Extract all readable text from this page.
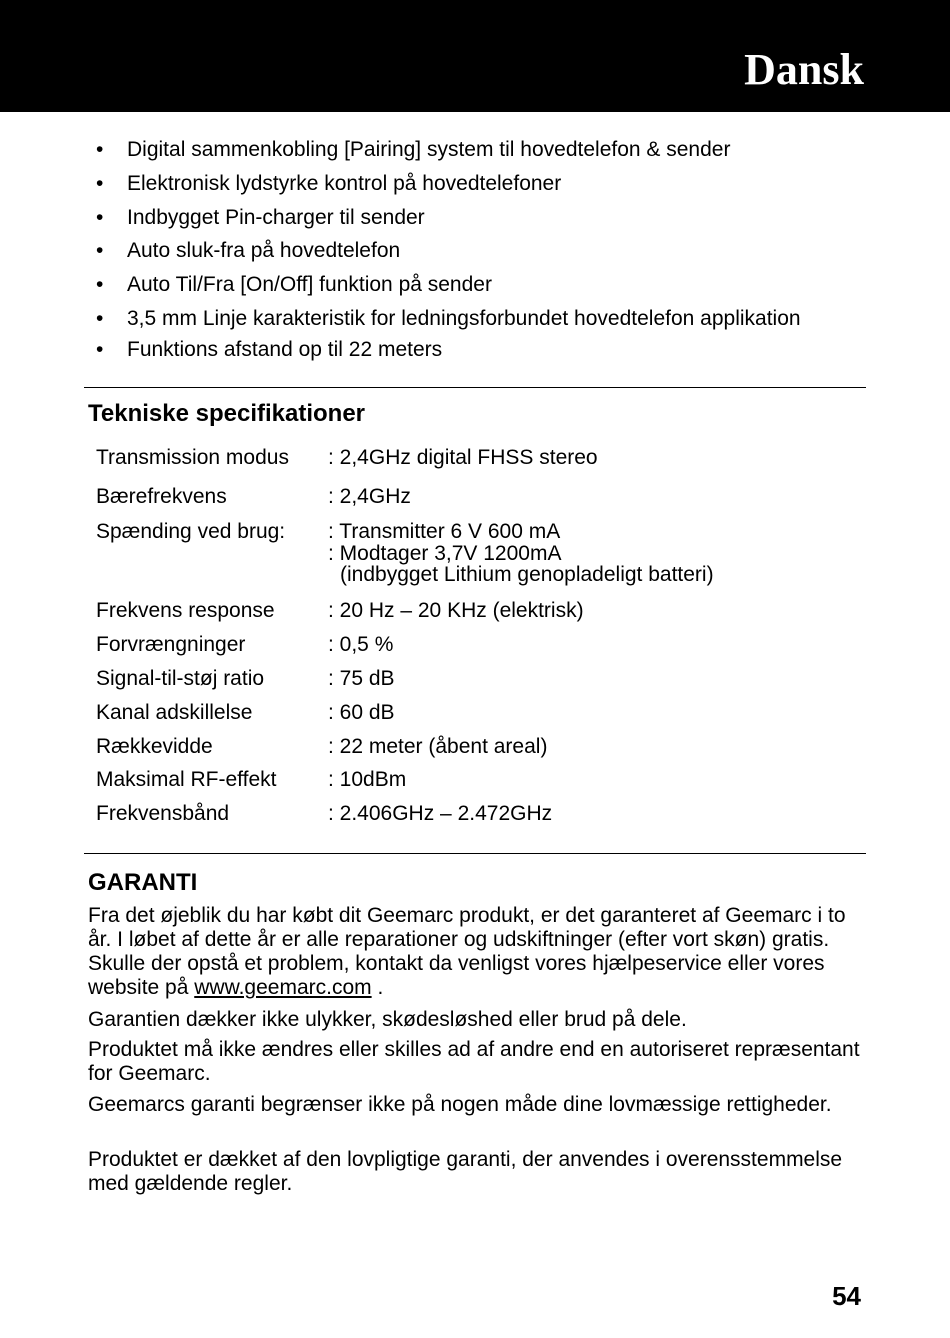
Dansk
• Digital sammenkobling [Pairing] system til hovedtelefon & sender
• Elektronisk lydstyrke kontrol på hovedtelefoner
• Indbygget Pin-charger til sender
• Auto sluk-fra på hovedtelefon
• Auto Til/Fra [On/Off] funktion på sender
• 3,5 mm Linje karakteristik for ledningsforbundet hovedtelefon applikation
• Funktions afstand op til 22 meters
Tekniske specifikationer
Transmission modus : 2,4GHz digital FHSS stereo
Bærefrekvens	: 2,4GHz
Spænding ved brug: : Transmitter 6 V 600 mA
: Modtager 3,7V 1200mA
(indbygget Lithium genopladeligt batteri)
Frekvens response	: 20 Hz – 20 KHz (elektrisk)
Forvrængninger	: 0,5 %
Signal-til-støj ratio	: 75 dB
Kanal adskillelse	: 60 dB
Rækkevidde	: 22 meter (åbent areal)
Maksimal RF-effekt : 10dBm
Frekvensbånd	: 2.406GHz – 2.472GHz
GARANTI

Fra det øjeblik du har købt dit Geemarc produkt, er det garanteret af Geemarc i to år. I løbet af dette år er alle reparationer og udskiftninger (efter vort skøn) gratis. Skulle der opstå et problem, kontakt da venligst vores hjælpeservice eller vores website på www.geemarc.com .

Garantien dækker ikke ulykker, skødesløshed eller brud på dele.

Produktet må ikke ændres eller skilles ad af andre end en autoriseret repræsentant for Geemarc.

Geemarcs garanti begrænser ikke på nogen måde dine lovmæssige rettigheder.

Produktet er dækket af den lovpligtige garanti, der anvendes i overensstemmelse med gældende regler.

54
